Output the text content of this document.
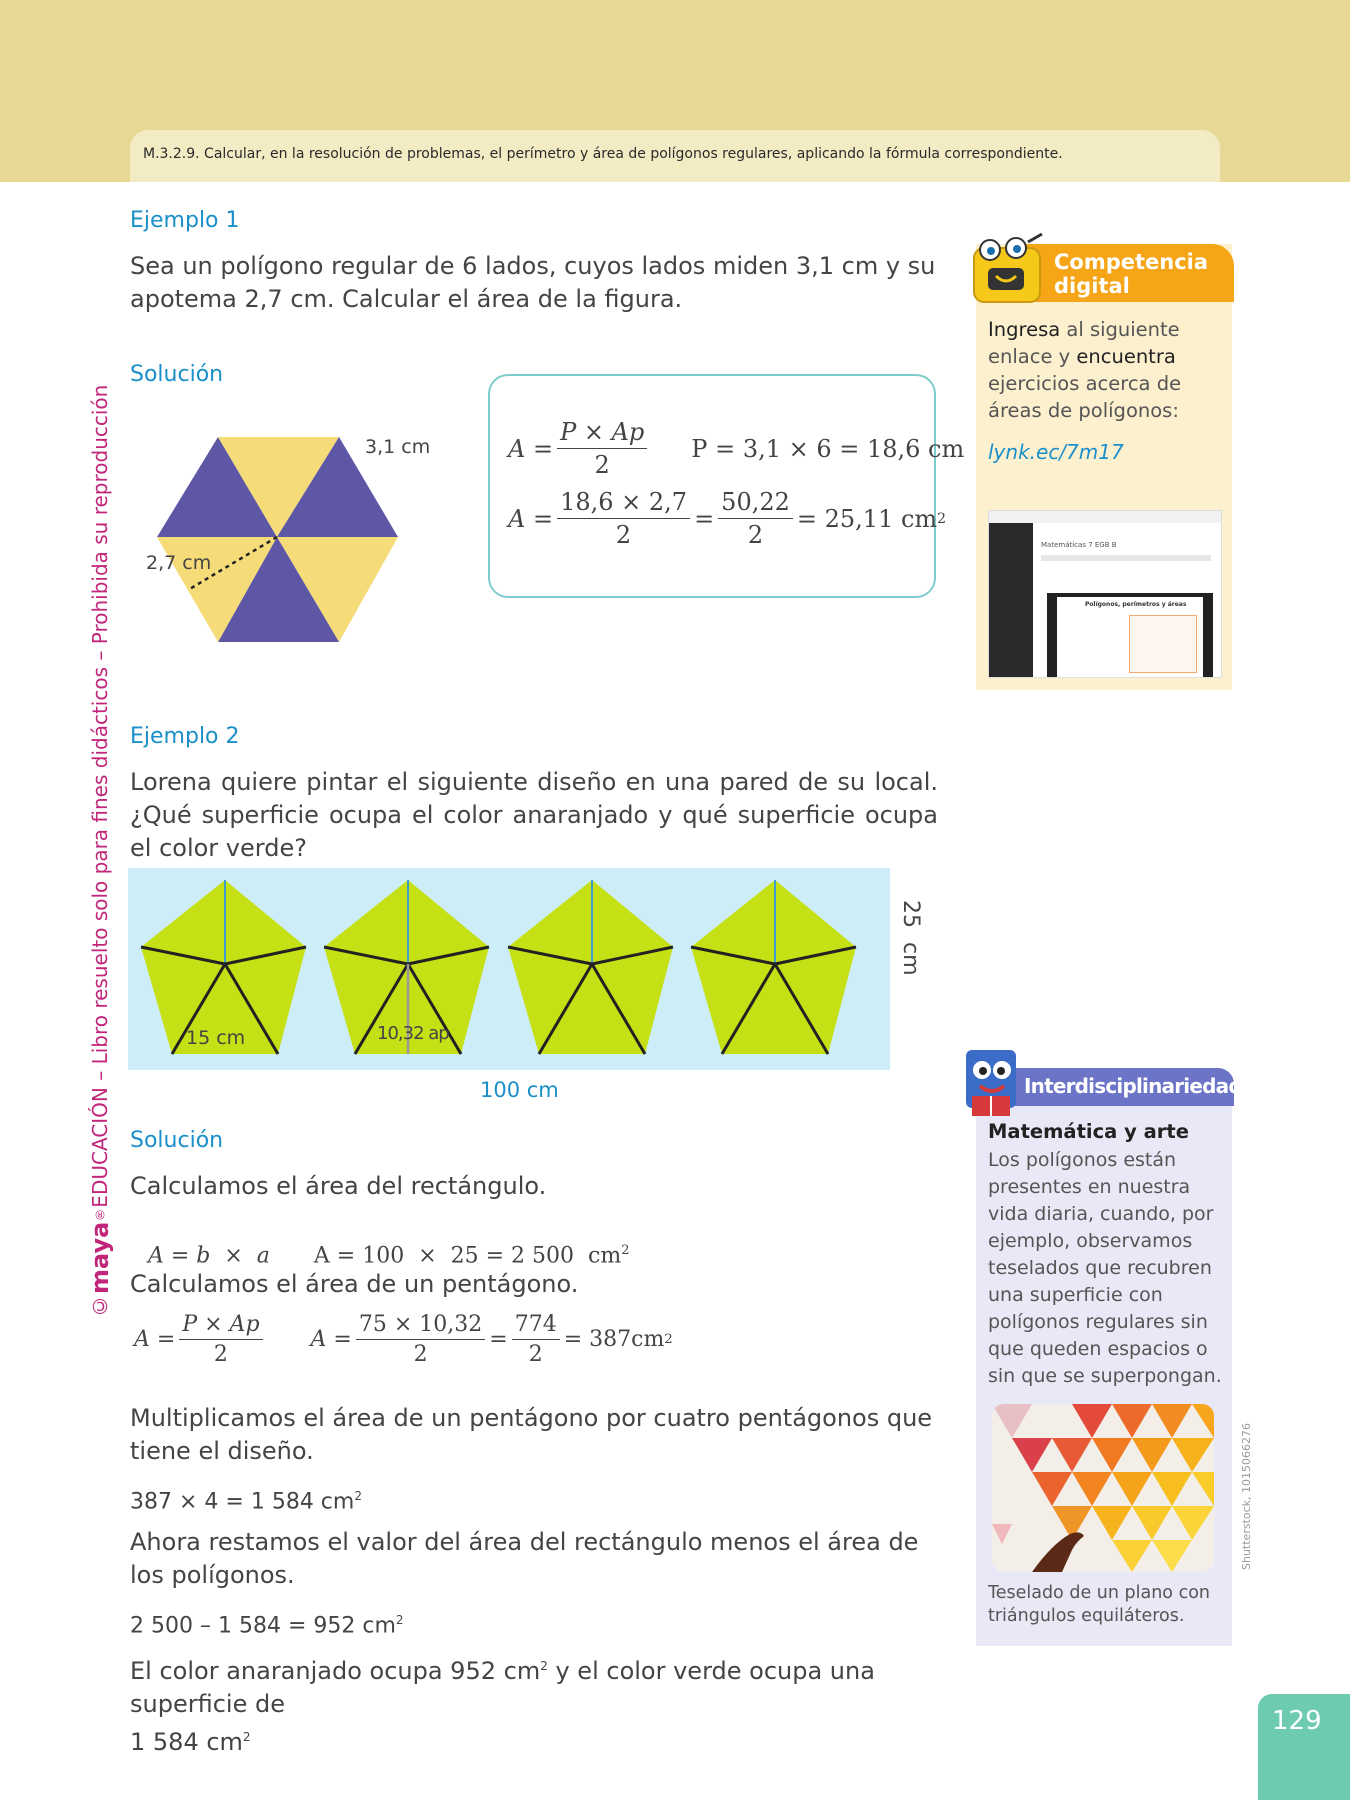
M.3.2.9. Calcular, en la resolución de problemas, el perímetro y área de polígonos regulares, aplicando la fórmula correspondiente.
©maya®EDUCACIÓN – Libro resuelto solo para fines didácticos – Prohibida su reproducción
Ejemplo 1
Sea un polígono regular de 6 lados, cuyos lados miden 3,1 cm y su apotema 2,7 cm. Calcular el área de la figura.
Solución
3,1 cm
2,7 cm
$A = \frac{P \times Ap}{2}$ P = 3,1 × 6 = 18,6 cm
$A = \frac{18,6 \times 2,7}{2} = \frac{50,22}{2} = 25,11$ cm 2
Ejemplo 2
Lorena quiere pintar el siguiente diseño en una pared de su local. ¿Qué superficie ocupa el color anaranjado y qué superficie ocupa el color verde?
15 cm	10,32 ap
25  cm
100 cm
Solución
Calculamos el área del rectángulo.

A = b  ×  a A = 100  ×  25 = 2 500  $cm^2$

Calculamos el área de un pentágono.
$A = \frac{P \times Ap}{2}$ $A = \frac{75 \times 10,32}{2} = \frac{774}{2} = 387cm$ 2
Multiplicamos el área de un pentágono por cuatro pentágonos que tiene el diseño.
387 × 4 = 1 584 $cm^2$
Ahora restamos el valor del área del rectángulo menos el área de los polígonos.
2 500 – 1 584 = 952 $cm^2$
El color anaranjado ocupa 952 $cm^2$ y el color verde ocupa una superficie de
1 584 $cm^2$
Competencia
digital
Ingresa al siguiente enlace y encuentra ejercicios acerca de áreas de polígonos:
lynk.ec/7m17
Matemáticas 7 EGB B
Polígonos, perímetros y áreas
Interdisciplinariedad
Matemática y arte
Los polígonos están presentes en nuestra vida diaria, cuando, por ejemplo, observamos teselados que recubren una superficie con polígonos regulares sin que queden espacios o sin que se superpongan.
Teselado de un plano con triángulos equiláteros.
Shutterstock, 1015066276
129
